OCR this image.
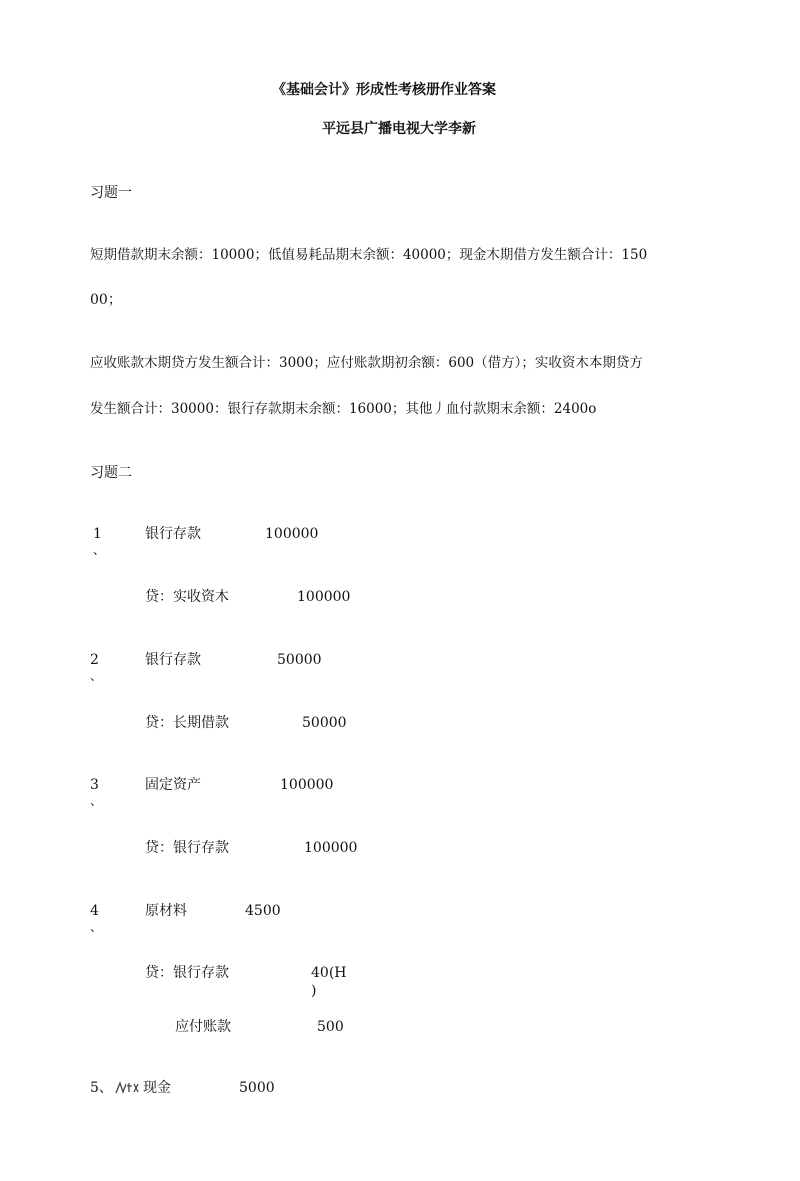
《基础会计》形成性考核册作业答案
平远县广播电视大学李新
习题一
短期借款期末余额：10000；低值易耗品期末余额：40000；现金木期借方发生额合计：150
00；
应收账款木期贷方发生额合计：3000；应付账款期初余额：600（借方）；实收资木本期贷方
发生额合计：30000：银行存款期末余额：16000；其他丿血付款期末余额：2400o
习题二
1
、
银行存款	100000
贷：实收资木	100000
2
、
银行存款	50000
贷：长期借款	50000
3
、
固定资产	100000
贷：银行存款	100000
4
、
原材料	4500
贷：银行存款	40(H
)
应付账款	500
5、 现金	5000
